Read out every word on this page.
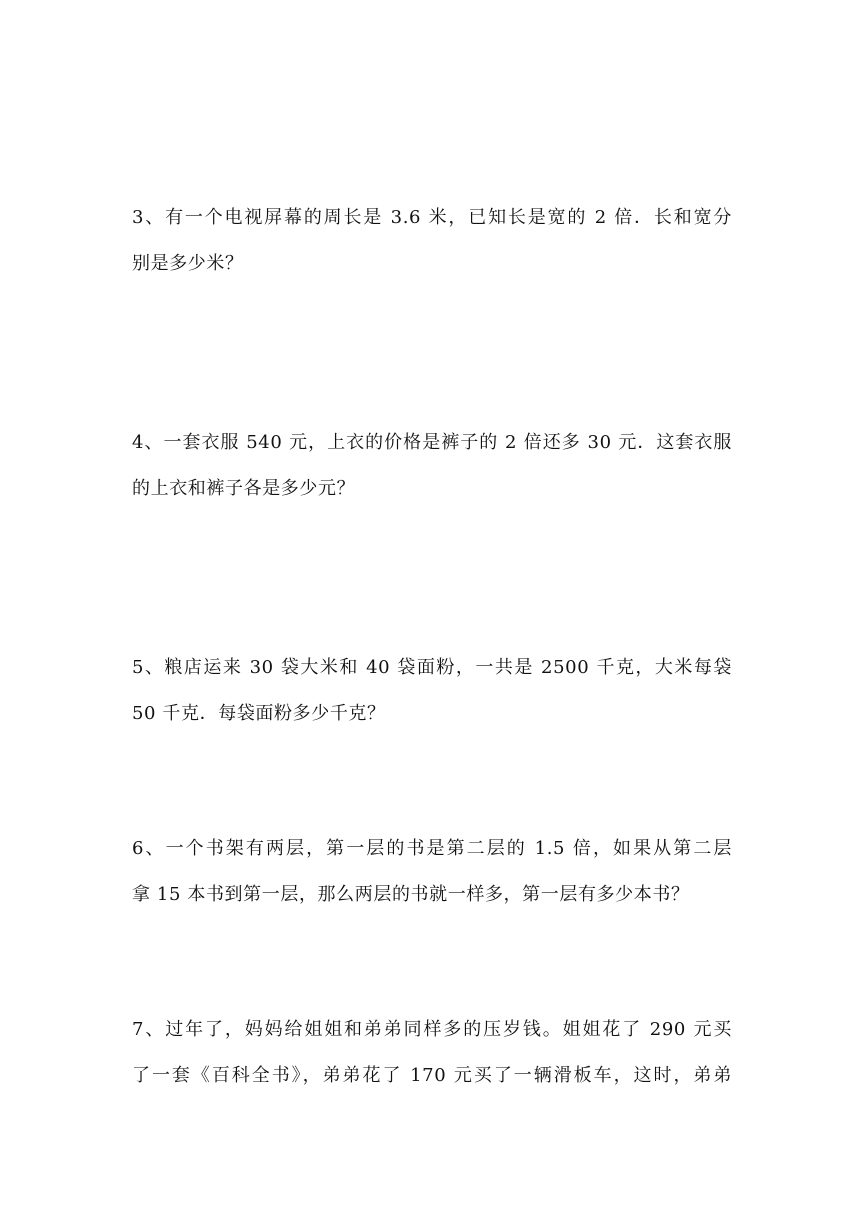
3、有一个电视屏幕的周长是 3.6 米，已知长是宽的 2 倍．长和宽分
别是多少米？
4、一套衣服 540 元，上衣的价格是裤子的 2 倍还多 30 元．这套衣服
的上衣和裤子各是多少元？
5、粮店运来 30 袋大米和 40 袋面粉，一共是 2500 千克，大米每袋
50 千克．每袋面粉多少千克？
6、一个书架有两层，第一层的书是第二层的 1.5 倍，如果从第二层
拿 15 本书到第一层，那么两层的书就一样多，第一层有多少本书？
7、过年了，妈妈给姐姐和弟弟同样多的压岁钱。姐姐花了 290 元买
了一套《百科全书》，弟弟花了 170 元买了一辆滑板车，这时，弟弟
